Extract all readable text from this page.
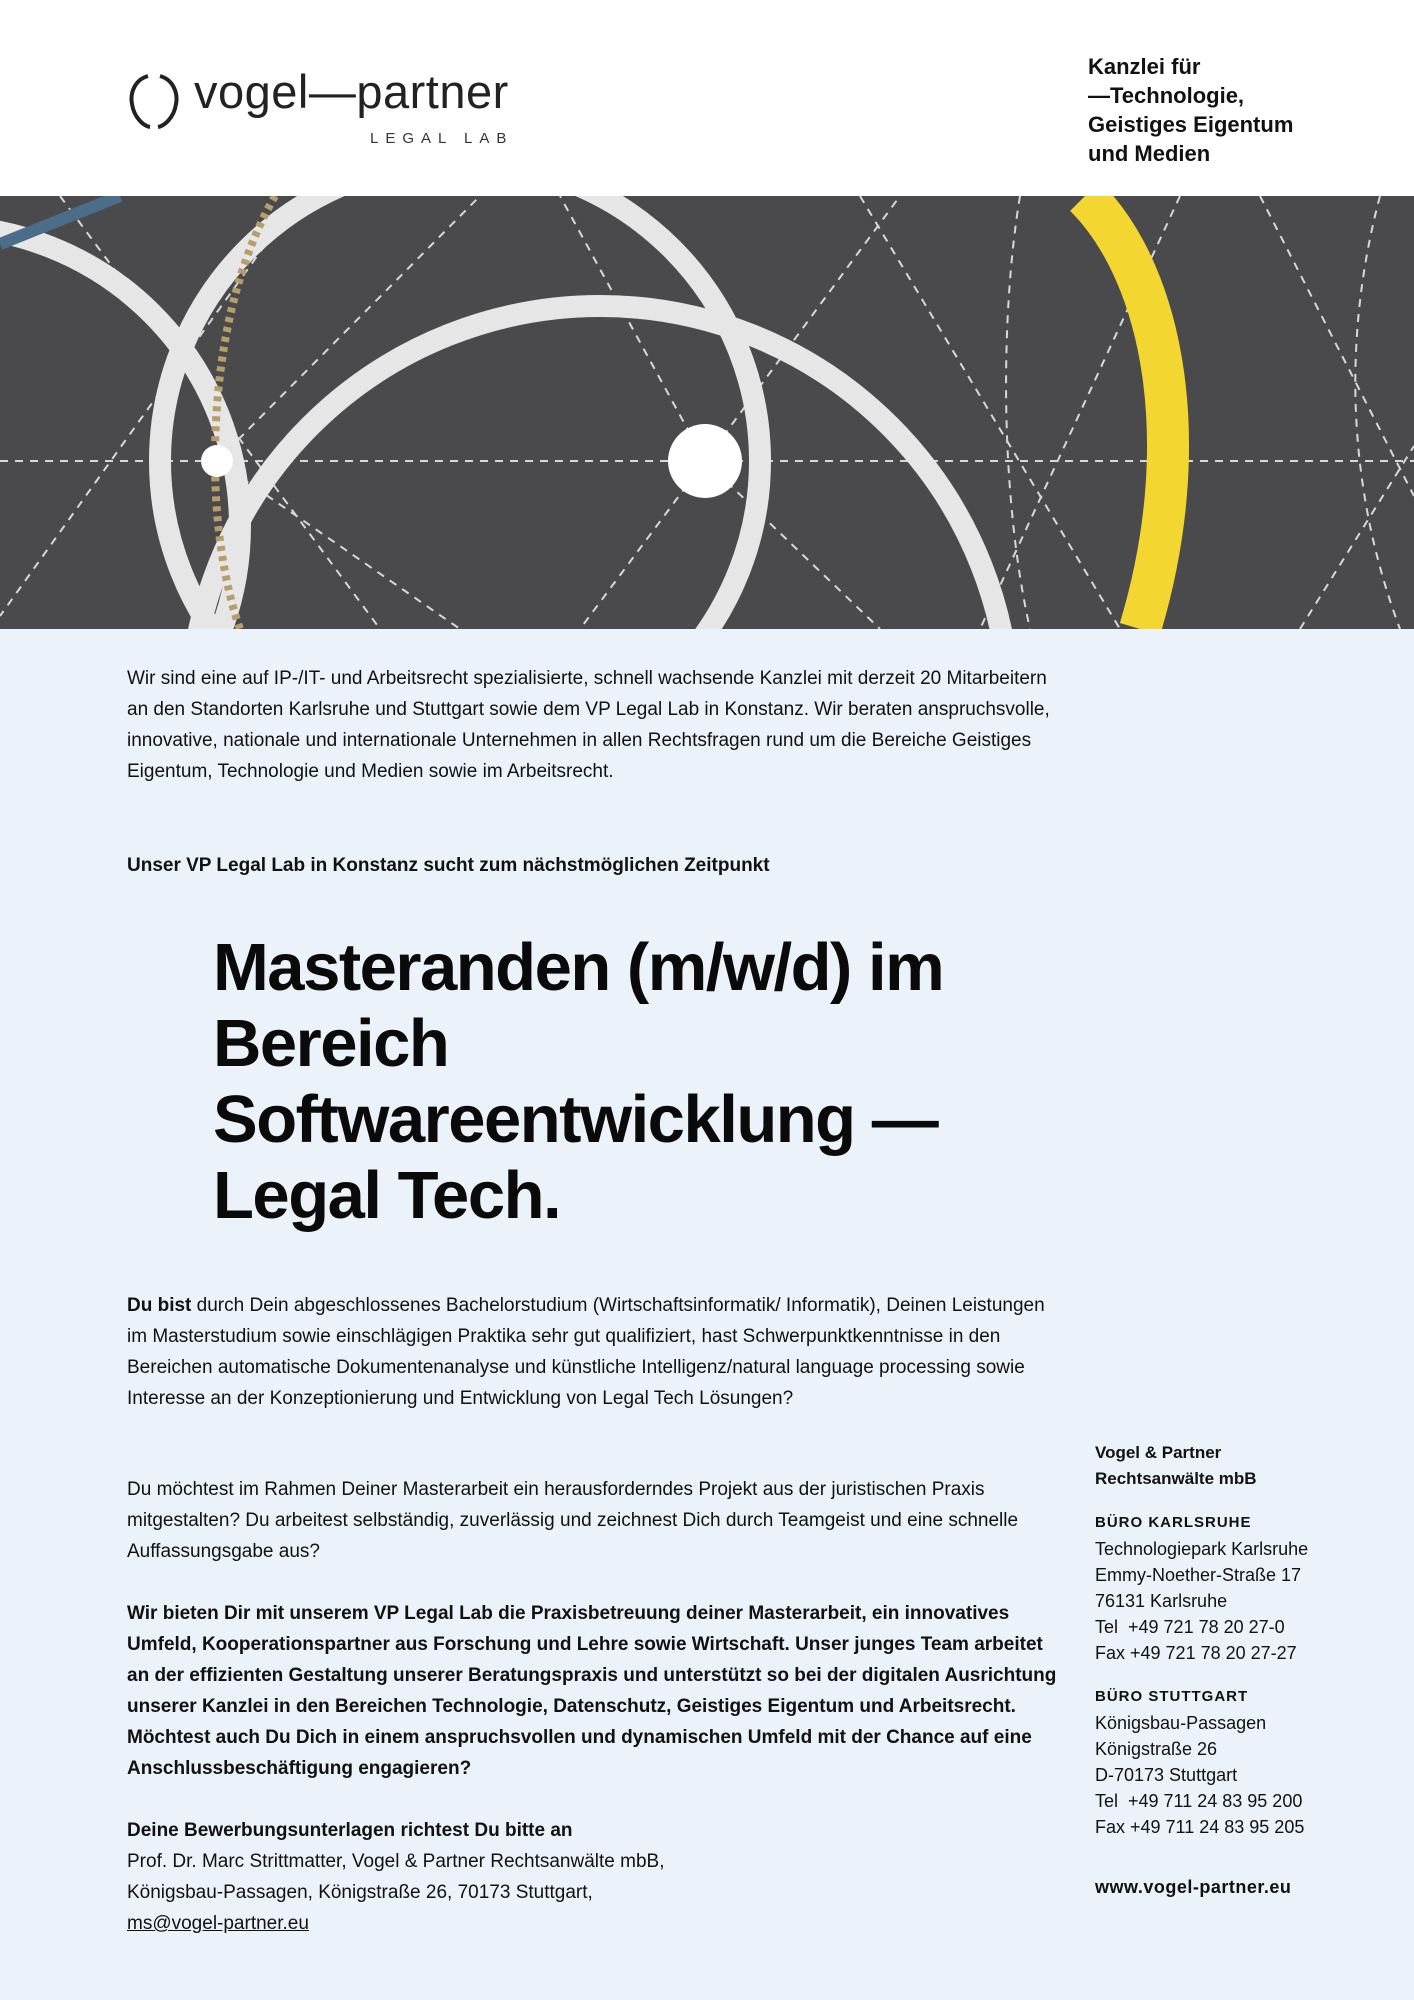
vogel—partner
LEGAL LAB
Kanzlei für
—Technologie,
Geistiges Eigentum
und Medien

Wir sind eine auf IP-/IT- und Arbeitsrecht spezialisierte, schnell wachsende Kanzlei mit derzeit 20 Mitarbeitern an den Standorten Karlsruhe und Stuttgart sowie dem VP Legal Lab in Konstanz. Wir beraten anspruchsvolle, innovative, nationale und internationale Unternehmen in allen Rechtsfragen rund um die Bereiche Geistiges Eigentum, Technologie und Medien sowie im Arbeitsrecht.

Unser VP Legal Lab in Konstanz sucht zum nächstmöglichen Zeitpunkt
Masteranden (m/w/d) im
Bereich
Softwareentwicklung —
Legal Tech.

Du bist durch Dein abgeschlossenes Bachelorstudium (Wirtschaftsinformatik/ Informatik), Deinen Leistungen im Masterstudium sowie einschlägigen Praktika sehr gut qualifiziert, hast Schwerpunktkenntnisse in den Bereichen automatische Dokumentenanalyse und künstliche Intelligenz/natural language processing sowie Interesse an der Konzeptionierung und Entwicklung von Legal Tech Lösungen?

Du möchtest im Rahmen Deiner Masterarbeit ein herausforderndes Projekt aus der juristischen Praxis mitgestalten? Du arbeitest selbständig, zuverlässig und zeichnest Dich durch Teamgeist und eine schnelle Auffassungsgabe aus?

Wir bieten Dir mit unserem VP Legal Lab die Praxisbetreuung deiner Masterarbeit, ein innovatives Umfeld, Kooperationspartner aus Forschung und Lehre sowie Wirtschaft. Unser junges Team arbeitet an der effizienten Gestaltung unserer Beratungspraxis und unterstützt so bei der digitalen Ausrichtung unserer Kanzlei in den Bereichen Technologie, Datenschutz, Geistiges Eigentum und Arbeitsrecht. Möchtest auch Du Dich in einem anspruchsvollen und dynamischen Umfeld mit der Chance auf eine Anschlussbeschäftigung engagieren?

Deine Bewerbungsunterlagen richtest Du bitte an
Prof. Dr. Marc Strittmatter, Vogel & Partner Rechtsanwälte mbB,
Königsbau-Passagen, Königstraße 26, 70173 Stuttgart,
ms@vogel-partner.eu
Vogel & Partner
Rechtsanwälte mbB
BÜRO KARLSRUHE
Technologiepark Karlsruhe
Emmy-Noether-Straße 17
76131 Karlsruhe
Tel  +49 721 78 20 27-0
Fax +49 721 78 20 27-27
BÜRO STUTTGART
Königsbau-Passagen
Königstraße 26
D-70173 Stuttgart
Tel  +49 711 24 83 95 200
Fax +49 711 24 83 95 205
www.vogel-partner.eu
